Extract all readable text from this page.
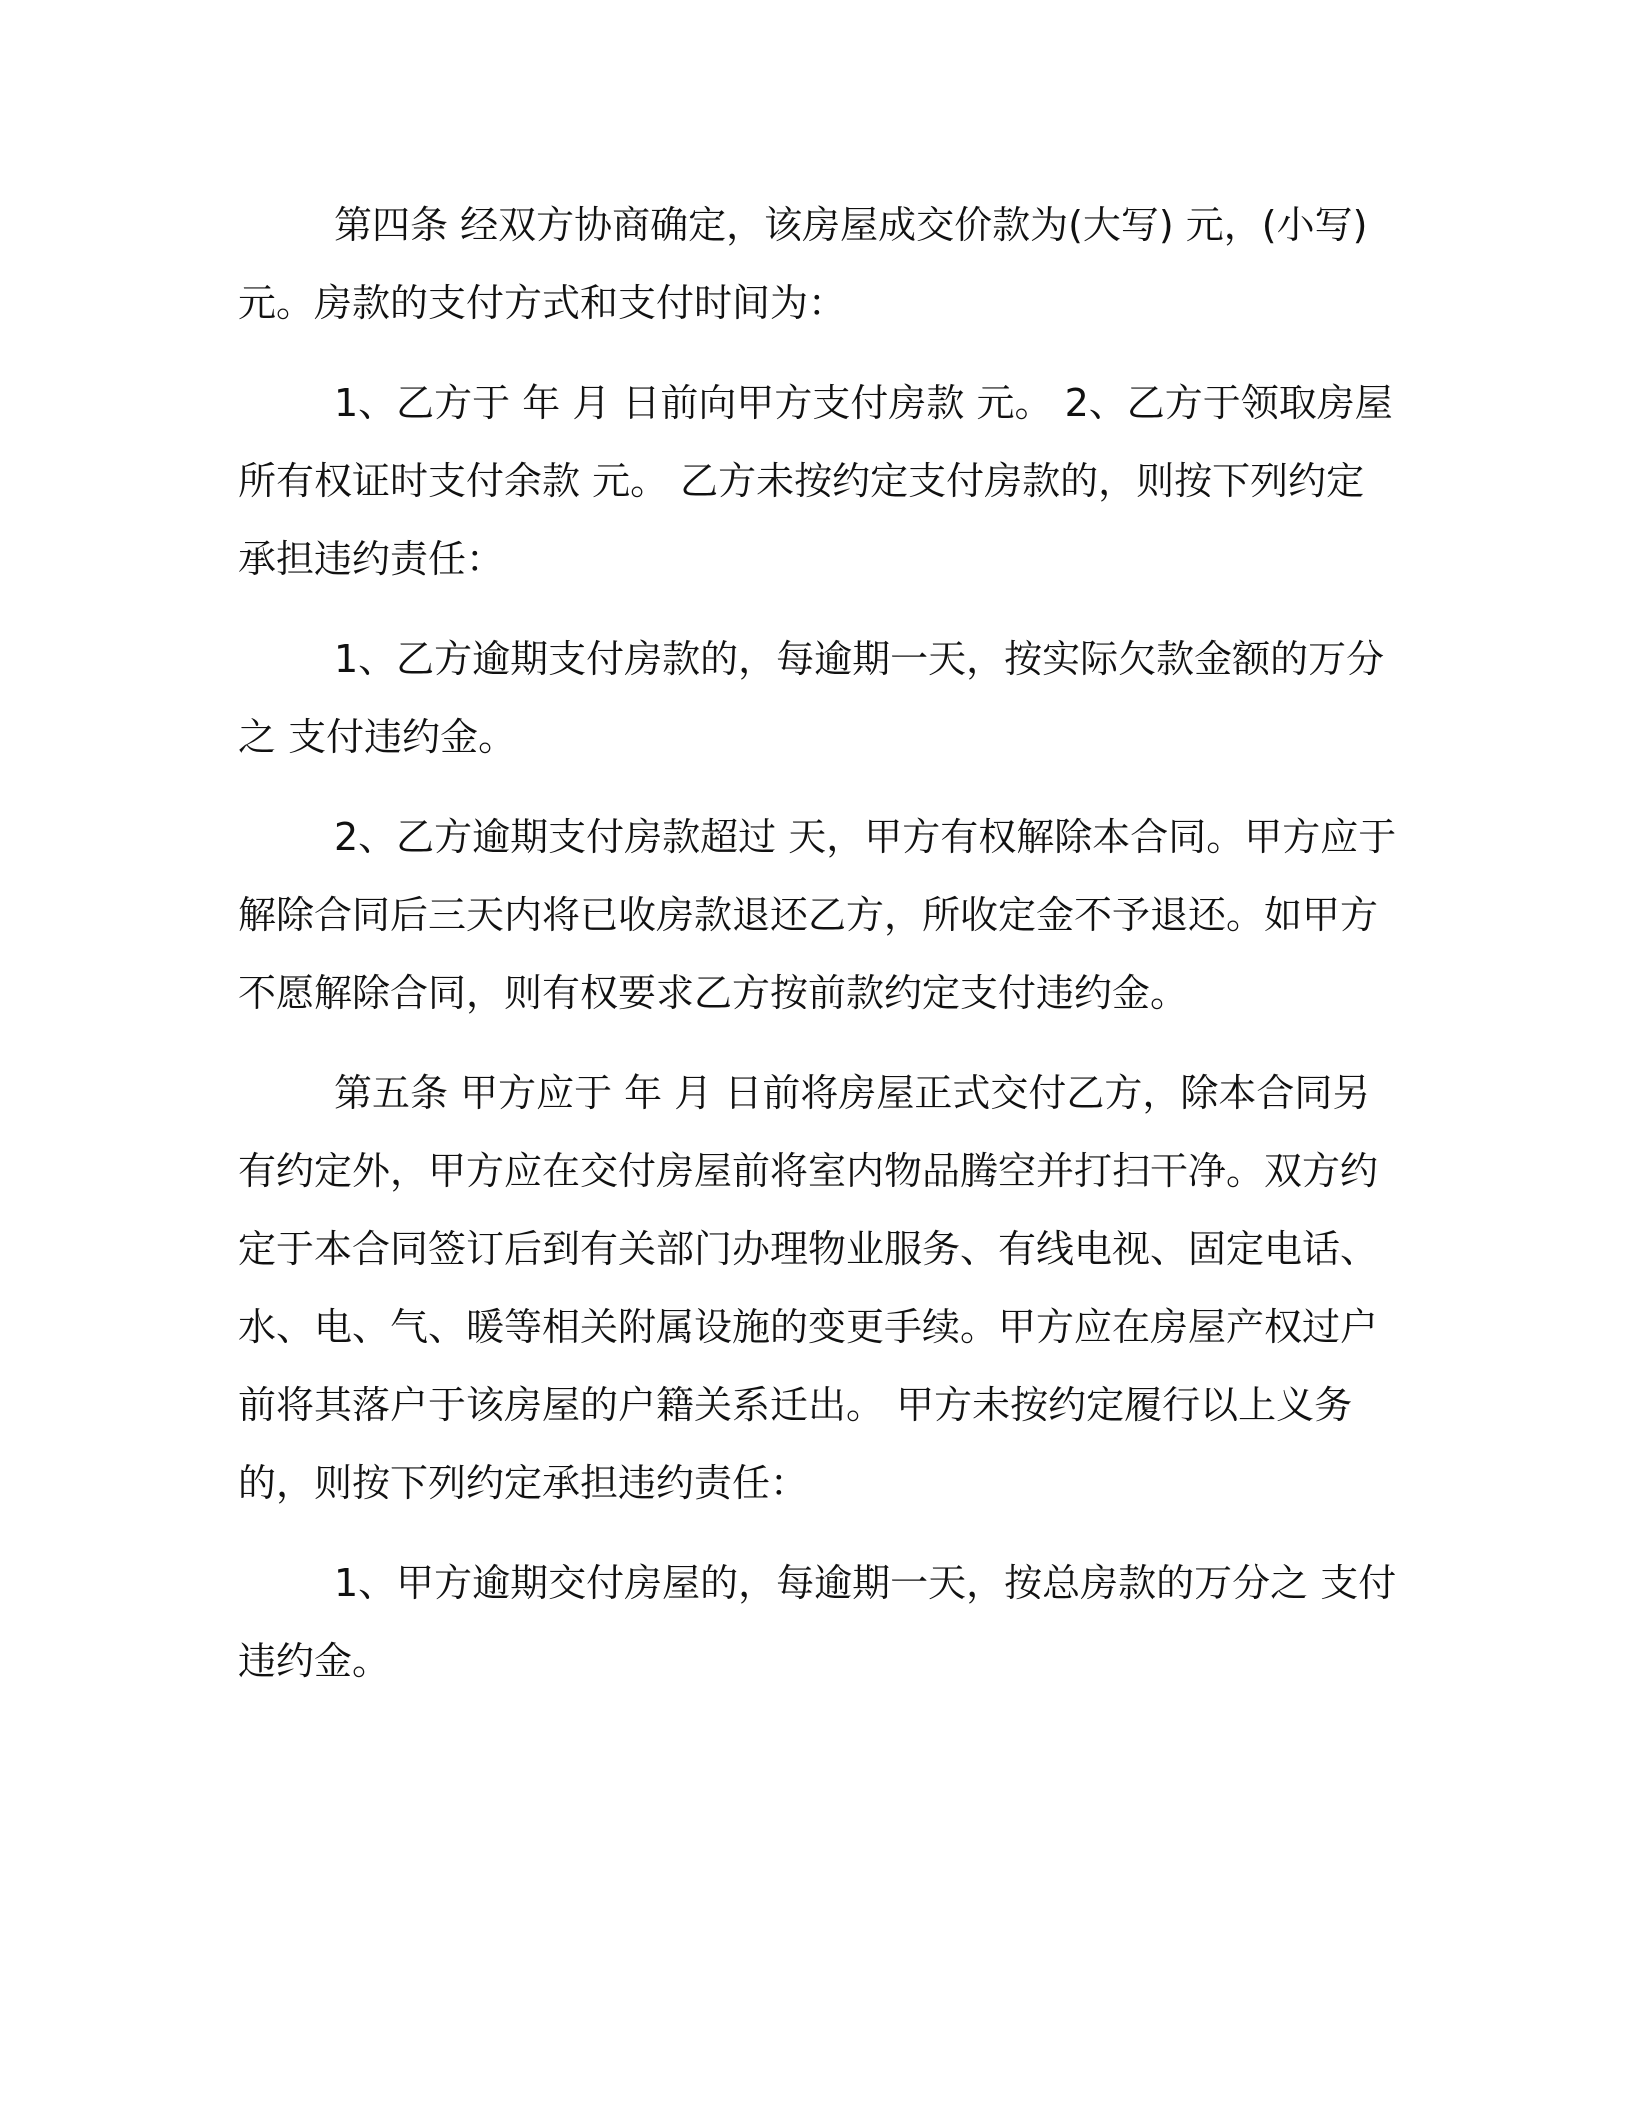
第四条 经双方协商确定，该房屋成交价款为(大写) 元，(小写) 元。房款的支付方式和支付时间为：

1、乙方于 年 月 日前向甲方支付房款 元。 2、乙方于领取房屋所有权证时支付余款 元。 乙方未按约定支付房款的，则按下列约定承担违约责任：

1、乙方逾期支付房款的，每逾期一天，按实际欠款金额的万分之 支付违约金。

2、乙方逾期支付房款超过 天，甲方有权解除本合同。甲方应于解除合同后三天内将已收房款退还乙方，所收定金不予退还。如甲方不愿解除合同，则有权要求乙方按前款约定支付违约金。

第五条 甲方应于 年 月 日前将房屋正式交付乙方，除本合同另有约定外，甲方应在交付房屋前将室内物品腾空并打扫干净。双方约定于本合同签订后到有关部门办理物业服务、有线电视、固定电话、水、电、气、暖等相关附属设施的变更手续。甲方应在房屋产权过户前将其落户于该房屋的户籍关系迁出。 甲方未按约定履行以上义务的，则按下列约定承担违约责任：

1、甲方逾期交付房屋的，每逾期一天，按总房款的万分之 支付违约金。
